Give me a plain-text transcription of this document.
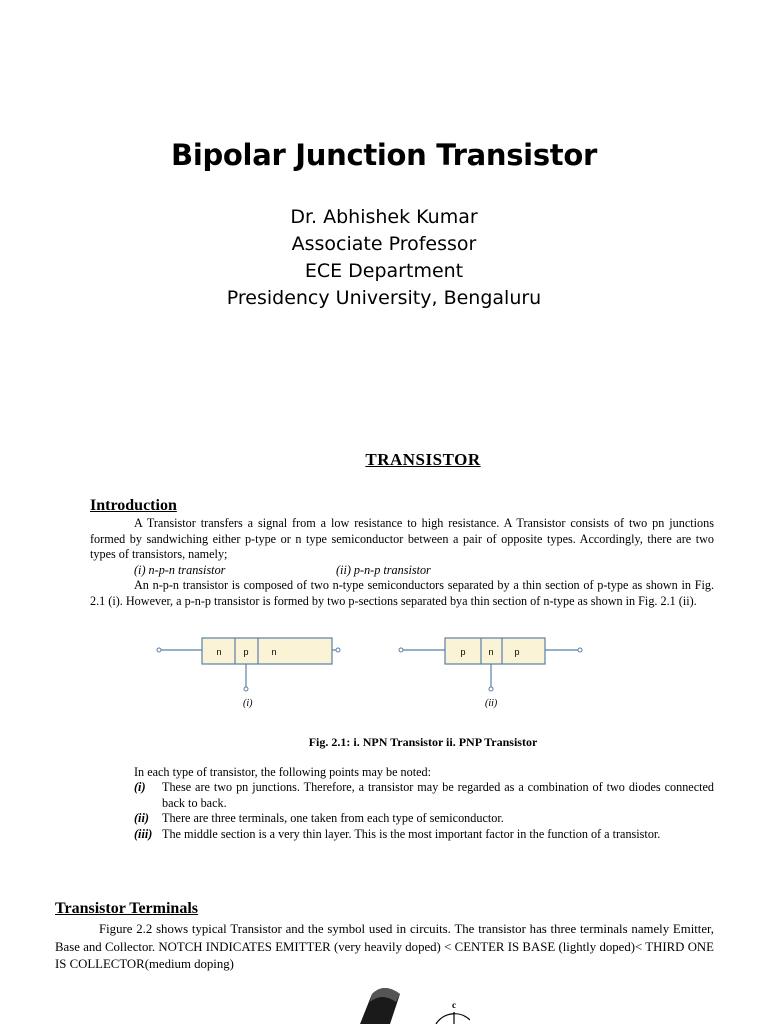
Bipolar Junction Transistor
Dr. Abhishek Kumar
Associate Professor
ECE Department
Presidency University, Bengaluru
TRANSISTOR
Introduction

A Transistor transfers a signal from a low resistance to high resistance. A Transistor consists of two pn junctions formed by sandwiching either p-type or n type semiconductor between a pair of opposite types. Accordingly, there are two types of transistors, namely;

(i) n-p-n transistor	(ii) p-n-p transistor

An n-p-n transistor is composed of two n-type semiconductors separated by a thin section of p-type as shown in Fig. 2.1 (i). However, a p-n-p transistor is formed by two p-sections separated bya thin section of n-type as shown in Fig. 2.1 (ii).

n p	n	p	n p
(i)	(ii)
Fig. 2.1: i. NPN Transistor ii. PNP Transistor

In each type of transistor, the following points may be noted:

(i)	These are two pn junctions. Therefore, a transistor may be regarded as a combination of two diodes connected back to back.
(ii)	There are three terminals, one taken from each type of semiconductor.
(iii) The middle section is a very thin layer. This is the most important factor in the function of a transistor.
Transistor Terminals

Figure 2.2 shows typical Transistor and the symbol used in circuits. The transistor has three terminals namely Emitter, Base and Collector. NOTCH INDICATES EMITTER (very heavily doped) < CENTER IS BASE (lightly doped)< THIRD ONE IS COLLECTOR(medium doping)

c
